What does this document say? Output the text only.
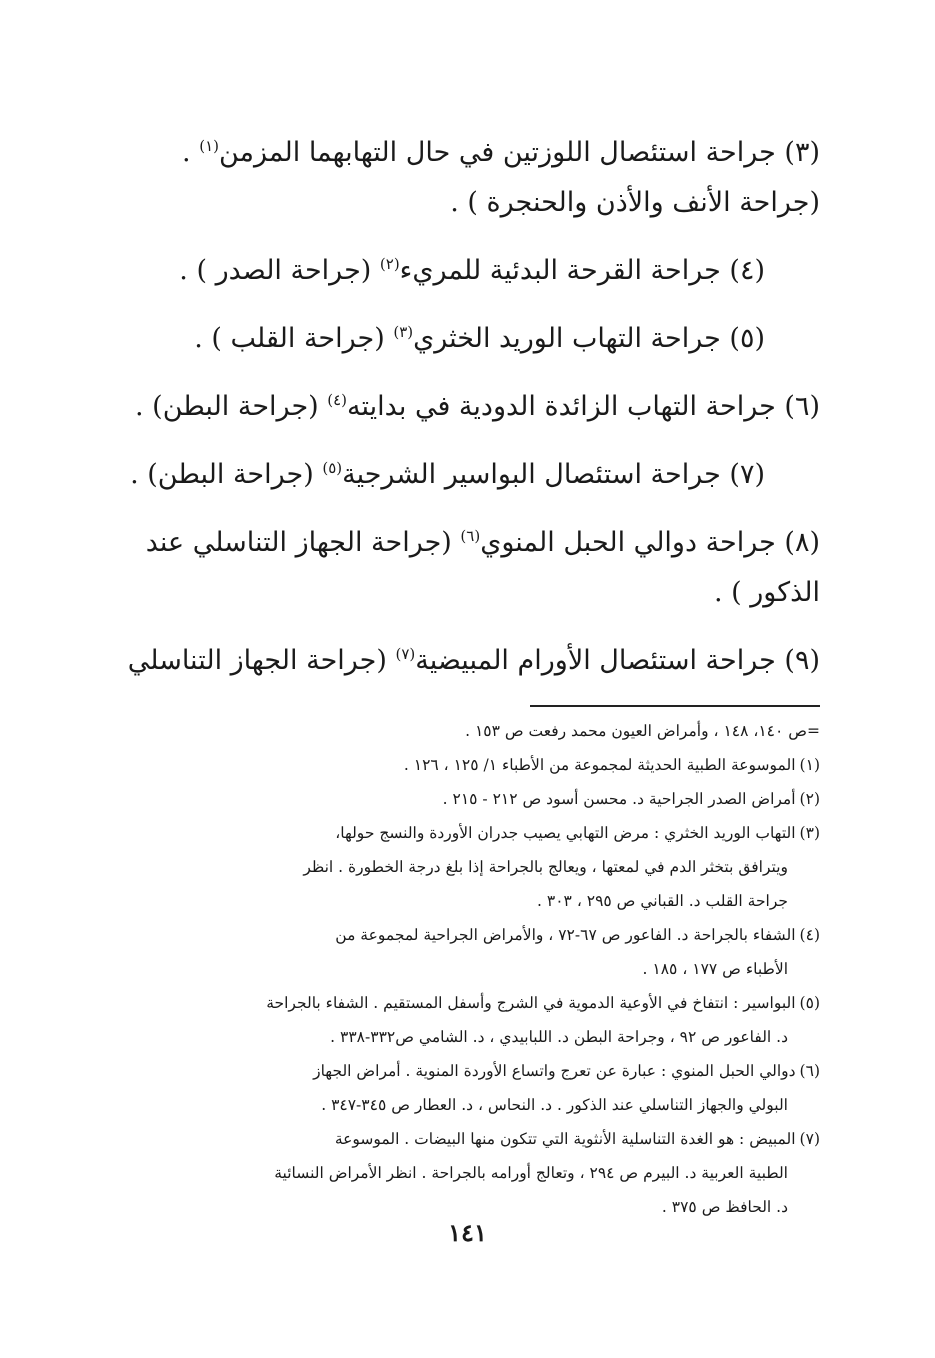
(٣) جراحة استئصال اللوزتين في حال التهابهما المزمن$^{(١)}$ .
(جراحة الأنف والأذن والحنجرة ) .
(٤) جراحة القرحة البدئية للمريء$^{(٢)}$ (جراحة الصدر ) .
(٥) جراحة التهاب الوريد الخثري$^{(٣)}$ (جراحة القلب ) .
(٦) جراحة التهاب الزائدة الدودية في بدايته$^{(٤)}$ (جراحة البطن) .
(٧) جراحة استئصال البواسير الشرجية$^{(٥)}$ (جراحة البطن) .
(٨) جراحة دوالي الحبل المنوي$^{(٦)}$ (جراحة الجهاز التناسلي عند
الذكور ) .
(٩) جراحة استئصال الأورام المبيضية$^{(٧)}$ (جراحة الجهاز التناسلي

=ص ١٤٠، ١٤٨ ، وأمراض العيون محمد رفعت ص ١٥٣ .

(١)الموسوعة الطبية الحديثة لمجموعة من الأطباء ١/ ١٢٥ ، ١٢٦ .

(٢)أمراض الصدر الجراحية د. محسن أسود ص ٢١٢ - ٢١٥ .

(٣)التهاب الوريد الخثري : مرض التهابي يصيب جدران الأوردة والنسج حولها،
ويترافق بتخثر الدم في لمعتها ، ويعالج بالجراحة إذا بلغ درجة الخطورة . انظر
جراحة القلب د. القباني ص ٢٩٥ ، ٣٠٣ .

(٤)الشفاء بالجراحة د. الفاعور ص ٦٧-٧٢ ، والأمراض الجراحية لمجموعة من
الأطباء ص ١٧٧ ، ١٨٥ .

(٥)البواسير : انتفاخ في الأوعية الدموية في الشرج وأسفل المستقيم . الشفاء بالجراحة
د. الفاعور ص ٩٢ ، وجراحة البطن د. اللبابيدي ، د. الشامي ص٣٣٢-٣٣٨ .

(٦)دوالي الحبل المنوي : عبارة عن تعرج واتساع الأوردة المنوية . أمراض الجهاز
البولي والجهاز التناسلي عند الذكور . د. النحاس ، د. العطار ص ٣٤٥-٣٤٧ .

(٧)المبيض : هو الغدة التناسلية الأنثوية التي تتكون منها البيضات . الموسوعة
الطبية العربية د. البيرم ص ٢٩٤ ، وتعالج أورامه بالجراحة . انظر الأمراض النسائية
د. الحافظ ص ٣٧٥ .

١٤١
